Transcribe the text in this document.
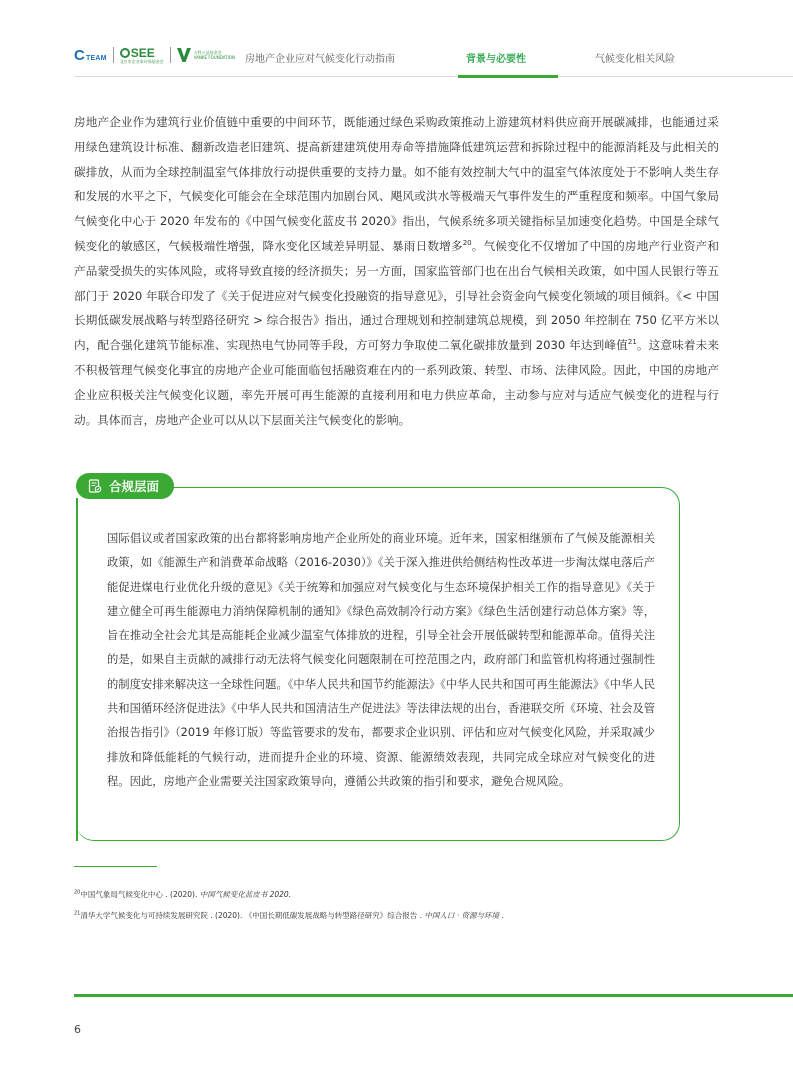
C TEAM	SEE
北京市企业家环保基金会
万科公益基金会
VANKE FOUNDATION 房地产企业应对气候变化行动指南	背景与必要性	气候变化相关风险

房地产企业作为建筑行业价值链中重要的中间环节，既能通过绿色采购政策推动上游建筑材料供应商开展碳减排，也能通过采用绿色建筑设计标准、翻新改造老旧建筑、提高新建建筑使用寿命等措施降低建筑运营和拆除过程中的能源消耗及与此相关的碳排放，从而为全球控制温室气体排放行动提供重要的支持力量。如不能有效控制大气中的温室气体浓度处于不影响人类生存和发展的水平之下，气候变化可能会在全球范围内加剧台风、飓风或洪水等极端天气事件发生的严重程度和频率。中国气象局气候变化中心于 2020 年发布的《中国气候变化蓝皮书 2020》指出，气候系统多项关键指标呈加速变化趋势。中国是全球气候变化的敏感区，气候极端性增强，降水变化区域差异明显、暴雨日数增多$^{20}$。气候变化不仅增加了中国的房地产行业资产和产品蒙受损失的实体风险，或将导致直接的经济损失；另一方面，国家监管部门也在出台气候相关政策，如中国人民银行等五部门于 2020 年联合印发了《关于促进应对气候变化投融资的指导意见》，引导社会资金向气候变化领域的项目倾斜。《< 中国长期低碳发展战略与转型路径研究 > 综合报告》指出，通过合理规划和控制建筑总规模，到 2050 年控制在 750 亿平方米以内，配合强化建筑节能标准、实现热电气协同等手段，方可努力争取使二氧化碳排放量到 2030 年达到峰值$^{21}$。这意味着未来不积极管理气候变化事宜的房地产企业可能面临包括融资难在内的一系列政策、转型、市场、法律风险。因此，中国的房地产企业应积极关注气候变化议题，率先开展可再生能源的直接利用和电力供应革命，主动参与应对与适应气候变化的进程与行动。具体而言，房地产企业可以从以下层面关注气候变化的影响。

合规层面
国际倡议或者国家政策的出台都将影响房地产企业所处的商业环境。近年来，国家相继颁布了气候及能源相关政策，如《能源生产和消费革命战略（2016-2030）》《关于深入推进供给侧结构性改革进一步淘汰煤电落后产能促进煤电行业优化升级的意见》《关于统筹和加强应对气候变化与生态环境保护相关工作的指导意见》《关于建立健全可再生能源电力消纳保障机制的通知》《绿色高效制冷行动方案》《绿色生活创建行动总体方案》等，旨在推动全社会尤其是高能耗企业减少温室气体排放的进程，引导全社会开展低碳转型和能源革命。值得关注的是，如果自主贡献的减排行动无法将气候变化问题限制在可控范围之内，政府部门和监管机构将通过强制性的制度安排来解决这一全球性问题。《中华人民共和国节约能源法》《中华人民共和国可再生能源法》《中华人民共和国循环经济促进法》《中华人民共和国清洁生产促进法》等法律法规的出台，香港联交所《环境、社会及管治报告指引》（2019 年修订版）等监管要求的发布，都要求企业识别、评估和应对气候变化风险，并采取减少排放和降低能耗的气候行动，进而提升企业的环境、资源、能源绩效表现，共同完成全球应对气候变化的进程。因此，房地产企业需要关注国家政策导向，遵循公共政策的指引和要求，避免合规风险。
$^{20}$中国气象局气候变化中心 . (2020). 中国气候变化蓝皮书 2020.
$^{21}$清华大学气候变化与可持续发展研究院 . (2020). 《中国长期低碳发展战略与转型路径研究》综合报告 . 中国人口 · 资源与环境 .
6
